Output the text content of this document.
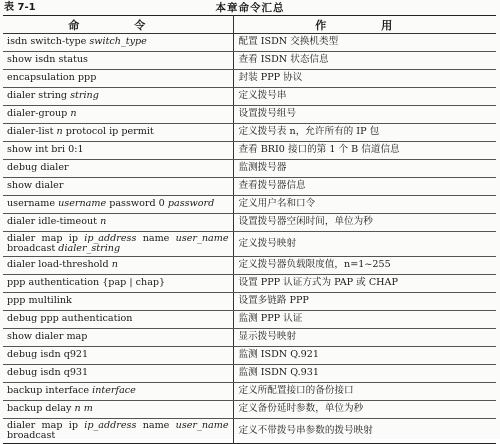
表 7-1	本章命令汇总
命　令	作　用
isdn switch-type switch_type	配置 ISDN 交换机类型
show isdn status	查看 ISDN 状态信息
encapsulation ppp	封装 PPP 协议
dialer string string	定义拨号串
dialer-group n	设置拨号组号
dialer-list n protocol ip permit	定义拨号表 n，允许所有的 IP 包
show int bri 0:1	查看 BRI0 接口的第 1 个 B 信道信息
debug dialer	监测拨号器
show dialer	查看拨号器信息
username username password 0 password	定义用户名和口令
dialer idle-timeout n	设置拨号器空闲时间，单位为秒
dialer map ip ip_address name user_name broadcast dialer_string	定义拨号映射
dialer load-threshold n	定义拨号器负载限度值，n=1~255
ppp authentication {pap | chap}	设置 PPP 认证方式为 PAP 或 CHAP
ppp multilink	设置多链路 PPP
debug ppp authentication	监测 PPP 认证
show dialer map	显示拨号映射
debug isdn q921	监测 ISDN Q.921
debug isdn q931	监测 ISDN Q.931
backup interface interface	定义所配置接口的备份接口
backup delay n m	定义备份延时参数，单位为秒
dialer map ip ip_address name user_name broadcast	定义不带拨号串参数的拨号映射
